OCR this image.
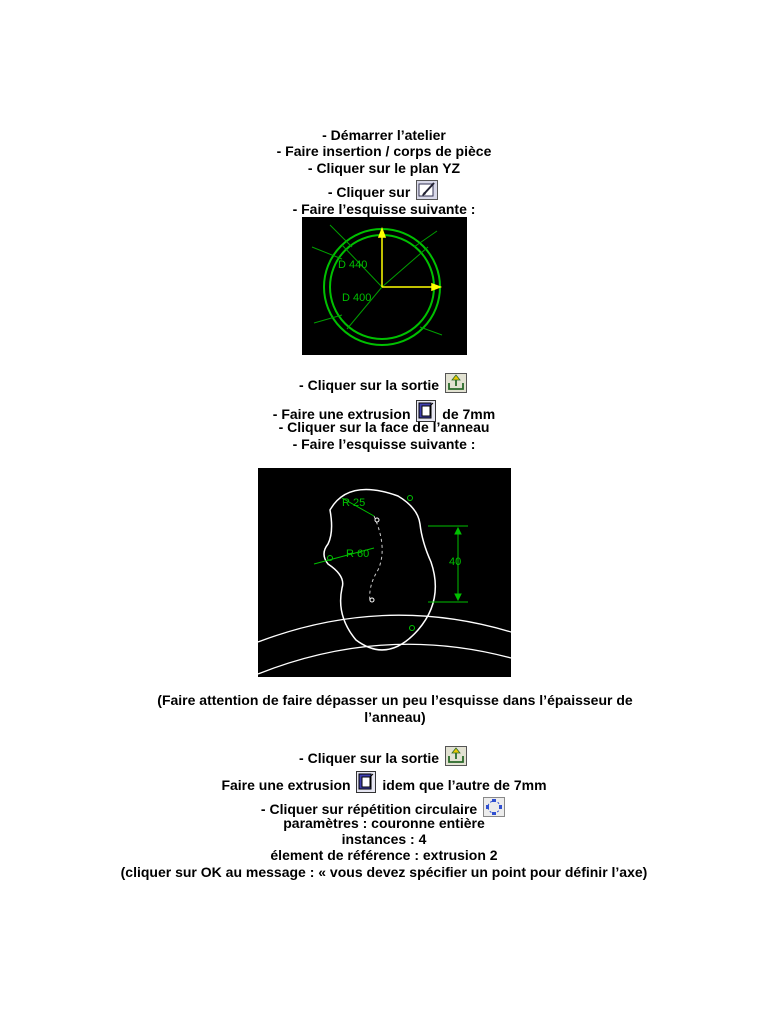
- Démarrer l’atelier
- Faire insertion / corps de pièce
- Cliquer sur le plan YZ
- Cliquer sur
- Faire l’esquisse suivante :
D 440
D 400
- Cliquer sur la sortie
- Faire une extrusion de 7mm
- Cliquer sur la face de l’anneau
- Faire l’esquisse suivante :
R 25
R 60
40
(Faire attention de faire dépasser un peu l’esquisse dans l’épaisseur de l’anneau)
- Cliquer sur la sortie
Faire une extrusion idem que l’autre de 7mm
- Cliquer sur répétition circulaire
paramètres : couronne entière
instances : 4
élement de référence : extrusion 2
(cliquer sur OK au message : « vous devez spécifier un point pour définir l’axe)
